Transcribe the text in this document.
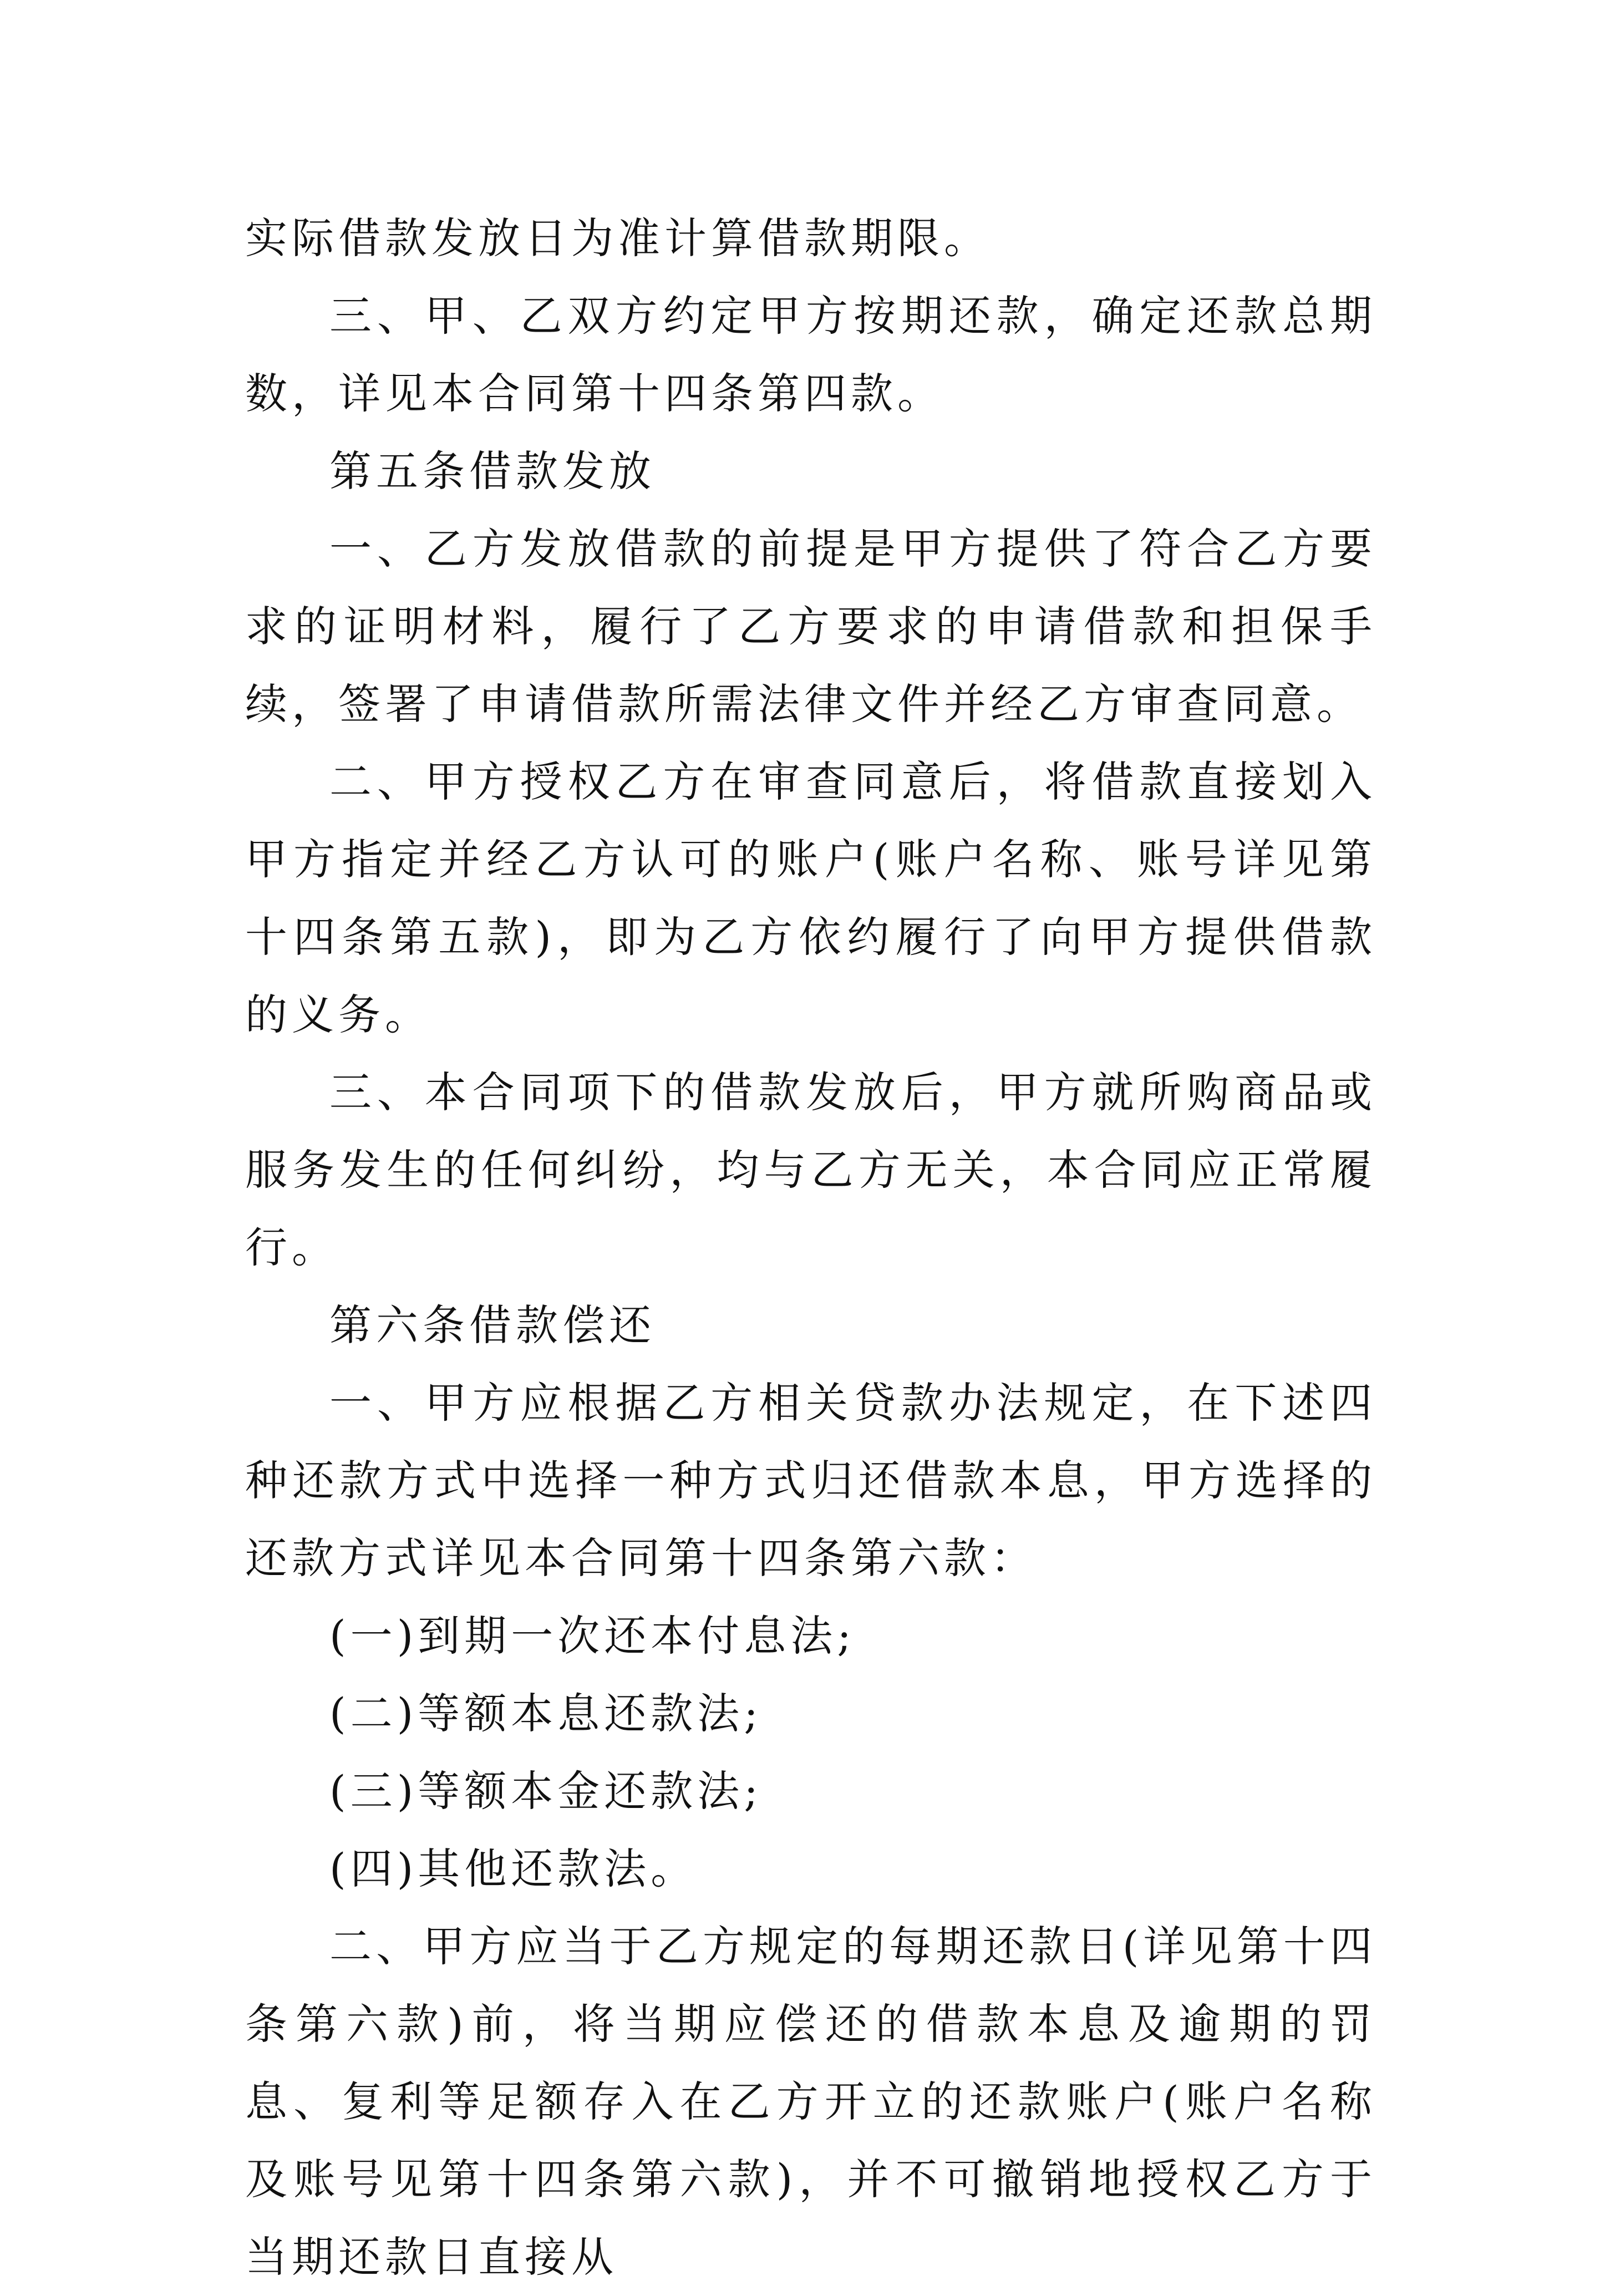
实际借款发放日为准计算借款期限。

三、甲、乙双方约定甲方按期还款，确定还款总期数，详见本合同第十四条第四款。

第五条借款发放

一、乙方发放借款的前提是甲方提供了符合乙方要求的证明材料，履行了乙方要求的申请借款和担保手续，签署了申请借款所需法律文件并经乙方审查同意。

二、甲方授权乙方在审查同意后，将借款直接划入甲方指定并经乙方认可的账户(账户名称、账号详见第十四条第五款)，即为乙方依约履行了向甲方提供借款的义务。

三、本合同项下的借款发放后，甲方就所购商品或服务发生的任何纠纷，均与乙方无关，本合同应正常履行。

第六条借款偿还

一、甲方应根据乙方相关贷款办法规定，在下述四种还款方式中选择一种方式归还借款本息，甲方选择的还款方式详见本合同第十四条第六款：

(一)到期一次还本付息法;

(二)等额本息还款法;

(三)等额本金还款法;

(四)其他还款法。

二、甲方应当于乙方规定的每期还款日(详见第十四条第六款)前，将当期应偿还的借款本息及逾期的罚息、复利等足额存入在乙方开立的还款账户(账户名称及账号见第十四条第六款)，并不可撤销地授权乙方于当期还款日直接从
